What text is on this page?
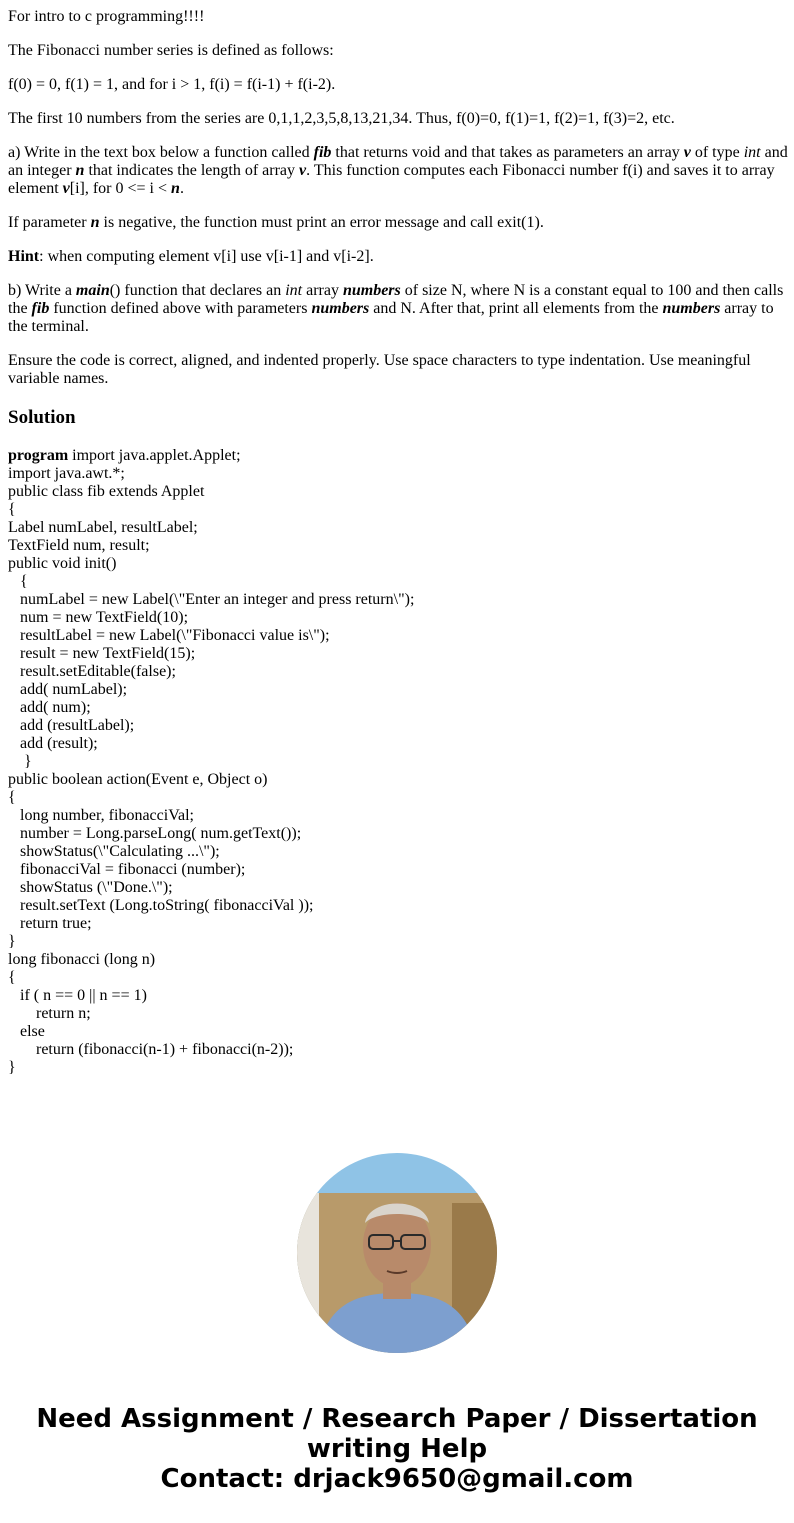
For intro to c programming!!!!

The Fibonacci number series is defined as follows:

f(0) = 0, f(1) = 1, and for i > 1, f(i) = f(i-1) + f(i-2).

The first 10 numbers from the series are 0,1,1,2,3,5,8,13,21,34. Thus, f(0)=0, f(1)=1, f(2)=1, f(3)=2, etc.

a) Write in the text box below a function called fib that returns void and that takes as parameters an array v of type int and an integer n that indicates the length of array v. This function computes each Fibonacci number f(i) and saves it to array element v[i], for 0 <= i < n.

If parameter n is negative, the function must print an error message and call exit(1).

Hint: when computing element v[i] use v[i-1] and v[i-2].

b) Write a main() function that declares an int array numbers of size N, where N is a constant equal to 100 and then calls the fib function defined above with parameters numbers and N. After that, print all elements from the numbers array to the terminal.

Ensure the code is correct, aligned, and indented properly. Use space characters to type indentation. Use meaningful variable names.

Solution
program import java.applet.Applet;
import java.awt.*;
public class fib extends Applet
{
Label numLabel, resultLabel;
TextField num, result;
public void init()
{
numLabel = new Label(\"Enter an integer and press return\");
num = new TextField(10);
resultLabel = new Label(\"Fibonacci value is\");
result = new TextField(15);
result.setEditable(false);
add( numLabel);
add( num);
add (resultLabel);
add (result);
}
public boolean action(Event e, Object o)
{
long number, fibonacciVal;
number = Long.parseLong( num.getText());
showStatus(\"Calculating ...\");
fibonacciVal = fibonacci (number);
showStatus (\"Done.\");
result.setText (Long.toString( fibonacciVal ));
return true;
}
long fibonacci (long n)
{
if ( n == 0 || n == 1)
return n;
else
return (fibonacci(n-1) + fibonacci(n-2));
}
Need Assignment / Research Paper / Dissertation
writing Help
Contact: drjack9650@gmail.com
